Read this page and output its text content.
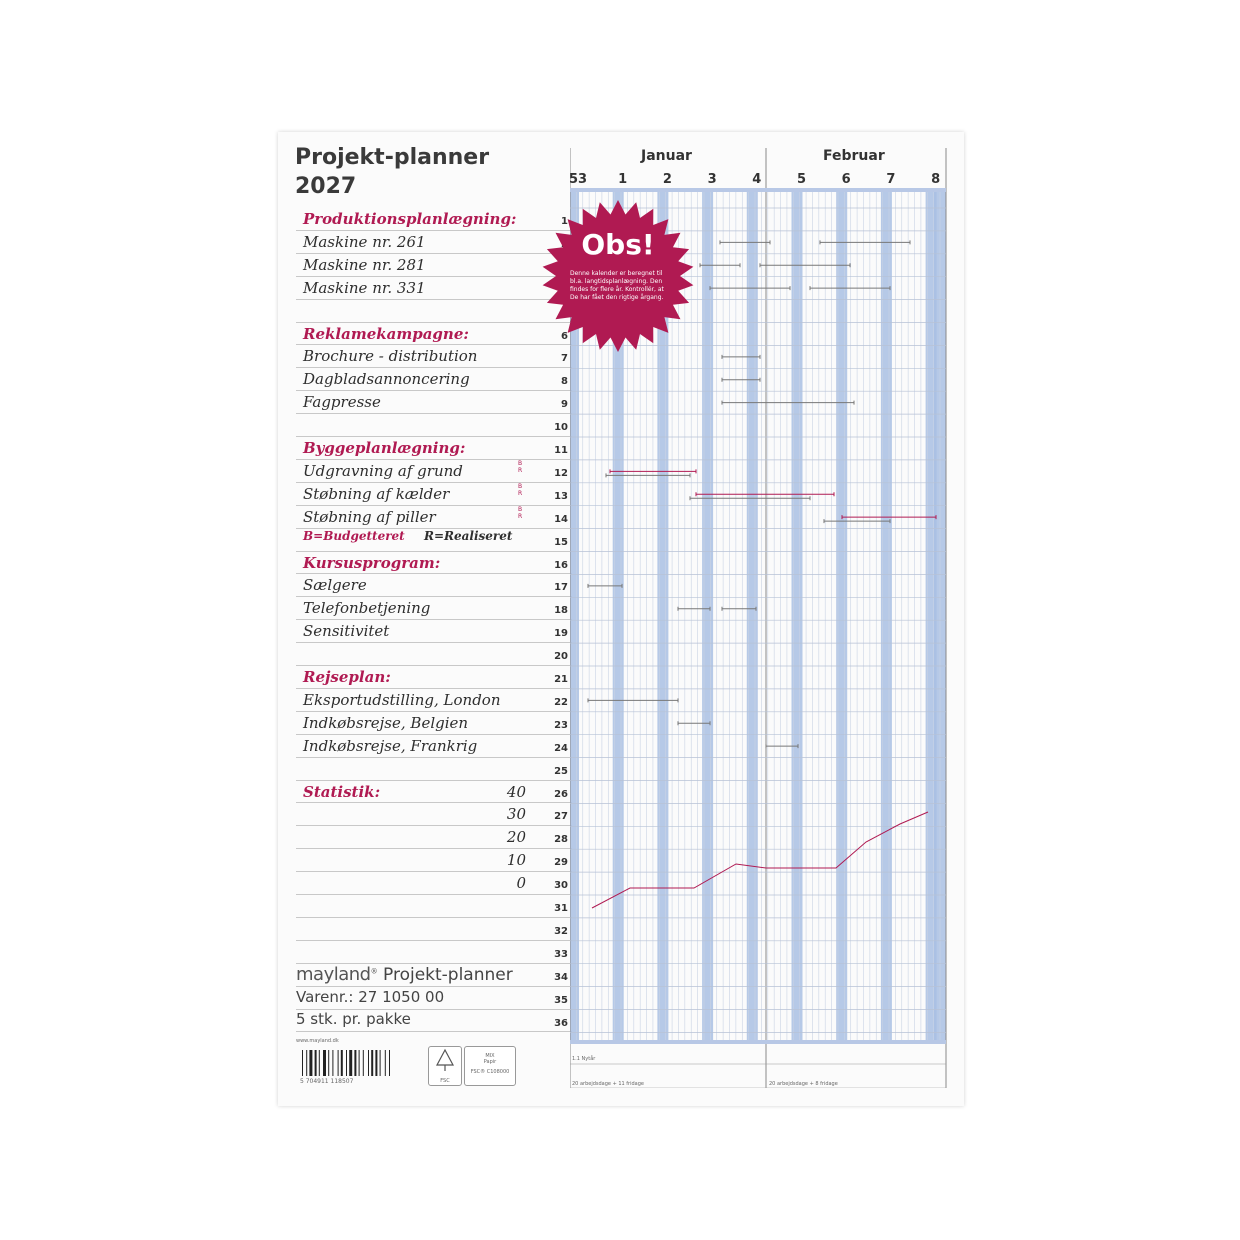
Projekt-planner
2027
Produktionsplanlægning:	1
Maskine nr. 261
Maskine nr. 281
Maskine nr. 331
Reklamekampagne:	6
Brochure - distribution	7
Dagbladsannoncering	8
Fagpresse	9
10
Byggeplanlægning:	11
Udgravning af grund	12
Støbning af kælder	13
Støbning af piller	14
15
Kursusprogram:	16
Sælgere	17
Telefonbetjening	18
Sensitivitet	19
20
Rejseplan:	21
Eksportudstilling, London	22
Indkøbsrejse, Belgien	23
Indkøbsrejse, Frankrig	24
25
Statistik:	26
27
28
29
30
31
32
33
34
35
36
B=Budgetteret R=Realiseret
B
R
B
R
B
R
40
30
20
10
0
Januar	Februar
53	1	2	3	4	5	6	7	8
Obs!
Denne kalender er beregnet til bl.a. langtidsplanlægning. Den findes for flere år. Kontrollér, at De har fået den rigtige årgang.
mayland® Projekt-planner
Varenr.: 27 1050 00
5 stk. pr. pakke
www.mayland.dk
5 704911 118507	FSC
MIX
Papir
FSC® C108000
1.1 Nytår
20 arbejdsdage + 11 fridage	20 arbejdsdage + 8 fridage
